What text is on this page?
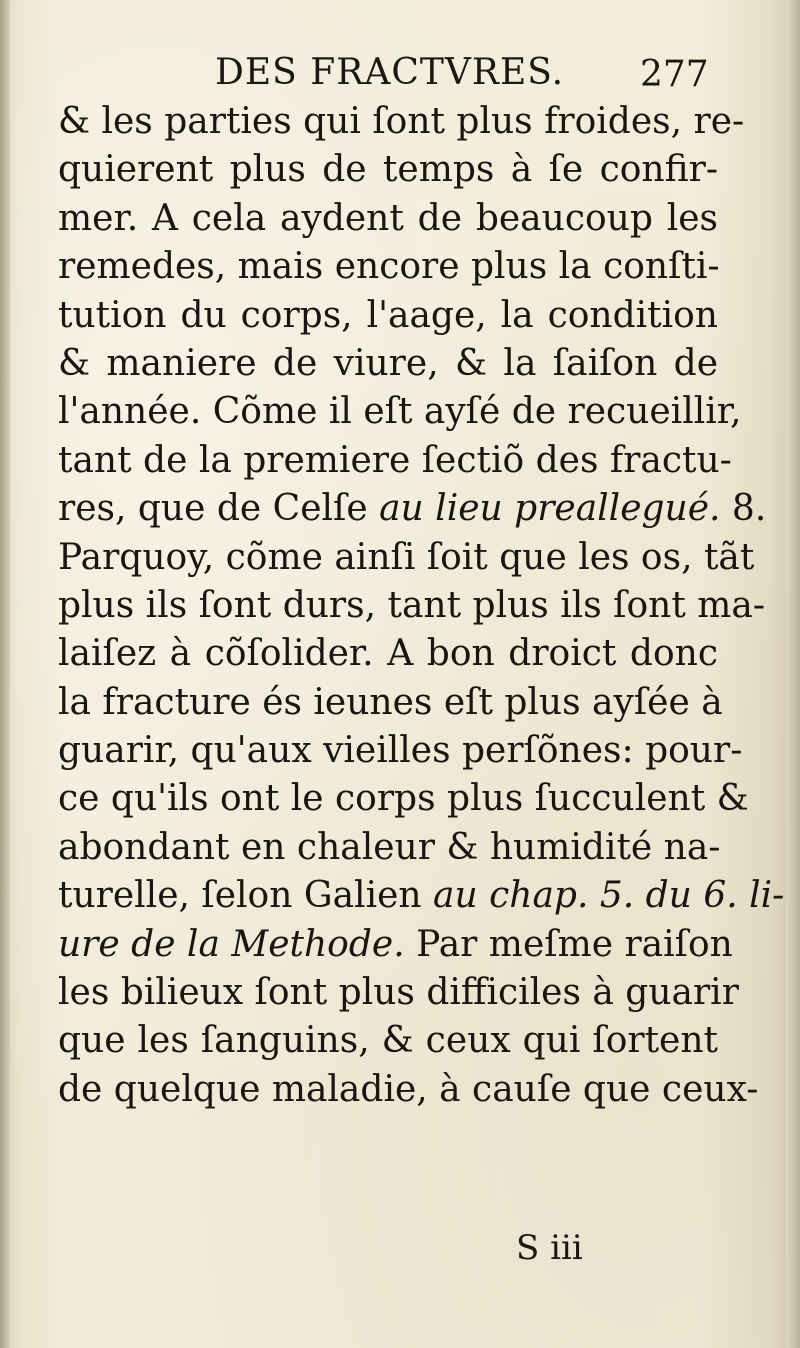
DES FRACTVRES. 277
& les parties qui ſont plus froides, re-
quierent plus de temps à ſe confir-
mer. A cela aydent de beaucoup les
remedes, mais encore plus la conſti-
tution du corps, l'aage, la condition
& maniere de viure, & la ſaiſon de
l'année. Cõme il eſt ayſé de recueillir,
tant de la premiere ſectiõ des fractu-
res, que de Celſe au lieu preallegué. 8.
Parquoy, cõme ainſi ſoit que les os, tãt
plus ils ſont durs, tant plus ils ſont ma-
laiſez à cõſolider. A bon droict donc
la fracture és ieunes eſt plus ayſée à
guarir, qu'aux vieilles perſõnes: pour-
ce qu'ils ont le corps plus ſucculent &
abondant en chaleur & humidité na-
turelle, ſelon Galien au chap. 5. du 6. li-
ure de la Methode. Par meſme raiſon
les bilieux ſont plus difficiles à guarir
que les ſanguins, & ceux qui ſortent
de quelque maladie, à cauſe que ceux-
S iii
